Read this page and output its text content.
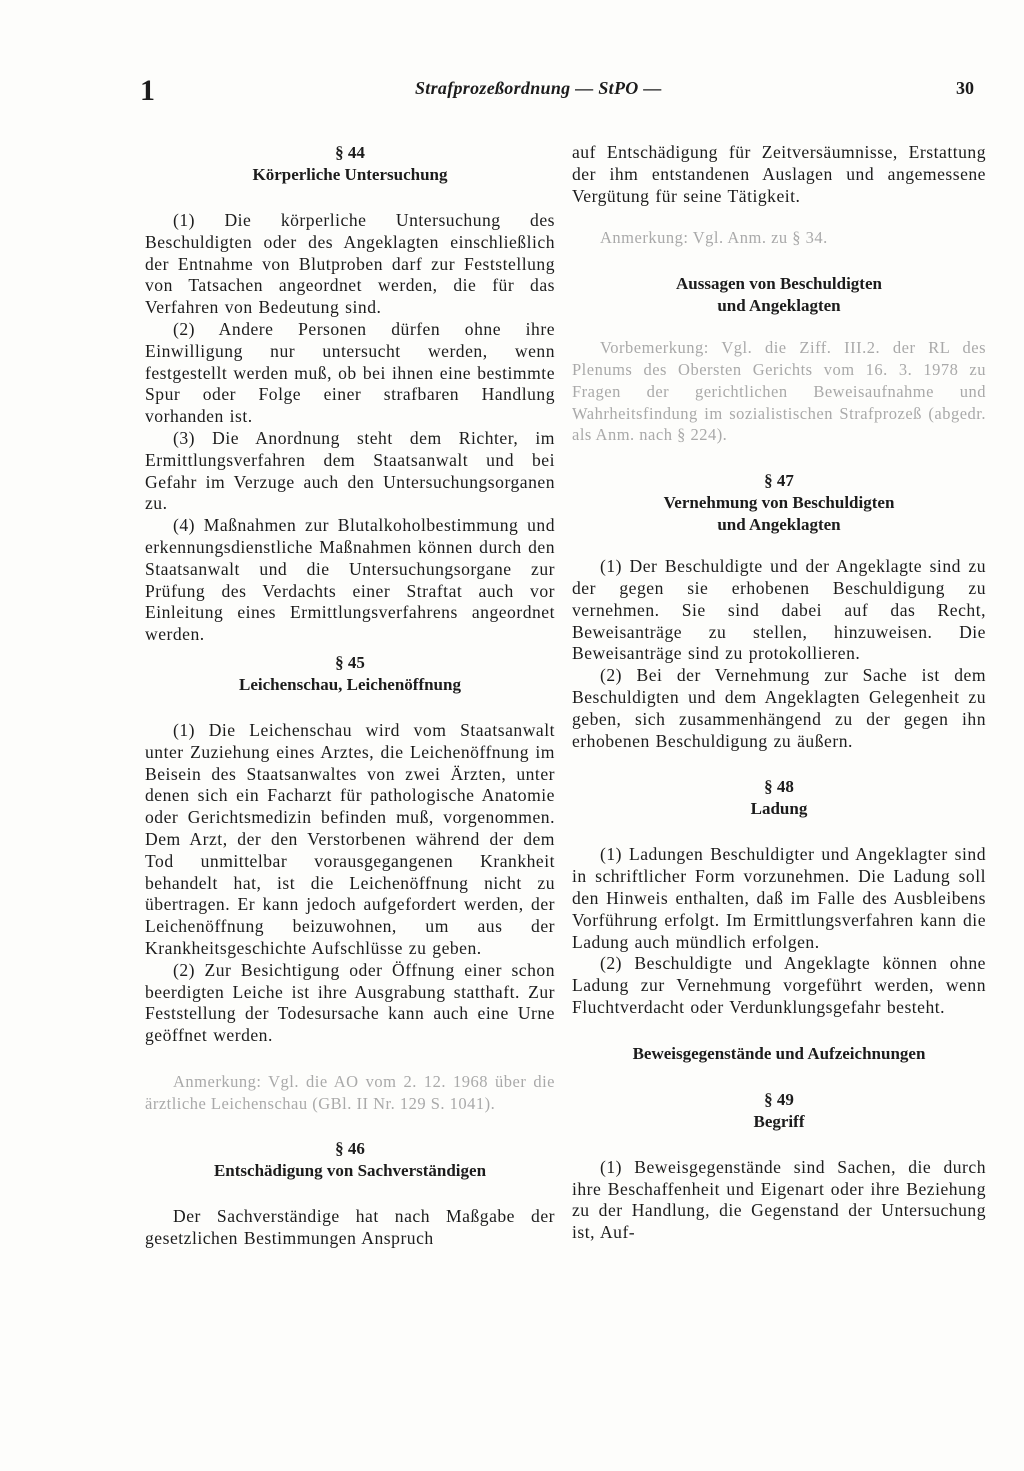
1	Strafprozeßordnung — StPO —	30
§ 44
Körperliche Untersuchung

(1) Die körperliche Untersuchung des Beschuldigten oder des Angeklagten einschließlich der Entnahme von Blutproben darf zur Feststellung von Tatsachen angeordnet werden, die für das Verfahren von Bedeutung sind.

(2) Andere Personen dürfen ohne ihre Einwilligung nur untersucht werden, wenn festgestellt werden muß, ob bei ihnen eine bestimmte Spur oder Folge einer strafbaren Handlung vorhanden ist.

(3) Die Anordnung steht dem Richter, im Ermittlungsverfahren dem Staatsanwalt und bei Gefahr im Verzuge auch den Untersuchungsorganen zu.

(4) Maßnahmen zur Blutalkoholbestimmung und erkennungsdienstliche Maßnahmen können durch den Staatsanwalt und die Untersuchungsorgane zur Prüfung des Verdachts einer Straftat auch vor Einleitung eines Ermittlungsverfahrens angeordnet werden.

§ 45
Leichenschau, Leichenöffnung

(1) Die Leichenschau wird vom Staatsanwalt unter Zuziehung eines Arztes, die Leichenöffnung im Beisein des Staatsanwaltes von zwei Ärzten, unter denen sich ein Facharzt für pathologische Anatomie oder Gerichtsmedizin befinden muß, vorgenommen. Dem Arzt, der den Verstorbenen während der dem Tod unmittelbar vorausgegangenen Krankheit behandelt hat, ist die Leichenöffnung nicht zu übertragen. Er kann jedoch aufgefordert werden, der Leichenöffnung beizuwohnen, um aus der Krankheitsgeschichte Aufschlüsse zu geben.

(2) Zur Besichtigung oder Öffnung einer schon beerdigten Leiche ist ihre Ausgrabung statthaft. Zur Feststellung der Todesursache kann auch eine Urne geöffnet werden.

Anmerkung: Vgl. die AO vom 2. 12. 1968 über die ärztliche Leichenschau (GBl. II Nr. 129 S. 1041).

§ 46
Entschädigung von Sachverständigen

Der Sachverständige hat nach Maßgabe der gesetzlichen Bestimmungen Anspruch

auf Entschädigung für Zeitversäumnisse, Erstattung der ihm entstandenen Auslagen und angemessene Vergütung für seine Tätigkeit.

Anmerkung: Vgl. Anm. zu § 34.

Aussagen von Beschuldigten
und Angeklagten

Vorbemerkung: Vgl. die Ziff. III.2. der RL des Plenums des Obersten Gerichts vom 16. 3. 1978 zu Fragen der gerichtlichen Beweisaufnahme und Wahrheitsfindung im sozialistischen Strafprozeß (abgedr. als Anm. nach § 224).

§ 47
Vernehmung von Beschuldigten
und Angeklagten

(1) Der Beschuldigte und der Angeklagte sind zu der gegen sie erhobenen Beschuldigung zu vernehmen. Sie sind dabei auf das Recht, Beweisanträge zu stellen, hinzuweisen. Die Beweisanträge sind zu protokollieren.

(2) Bei der Vernehmung zur Sache ist dem Beschuldigten und dem Angeklagten Gelegenheit zu geben, sich zusammenhängend zu der gegen ihn erhobenen Beschuldigung zu äußern.

§ 48
Ladung

(1) Ladungen Beschuldigter und Angeklagter sind in schriftlicher Form vorzunehmen. Die Ladung soll den Hinweis enthalten, daß im Falle des Ausbleibens Vorführung erfolgt. Im Ermittlungsverfahren kann die Ladung auch mündlich erfolgen.

(2) Beschuldigte und Angeklagte können ohne Ladung zur Vernehmung vorgeführt werden, wenn Fluchtverdacht oder Verdunklungsgefahr besteht.

Beweisgegenstände und Aufzeichnungen
§ 49
Begriff

(1) Beweisgegenstände sind Sachen, die durch ihre Beschaffenheit und Eigenart oder ihre Beziehung zu der Handlung, die Gegenstand der Untersuchung ist, Auf-
